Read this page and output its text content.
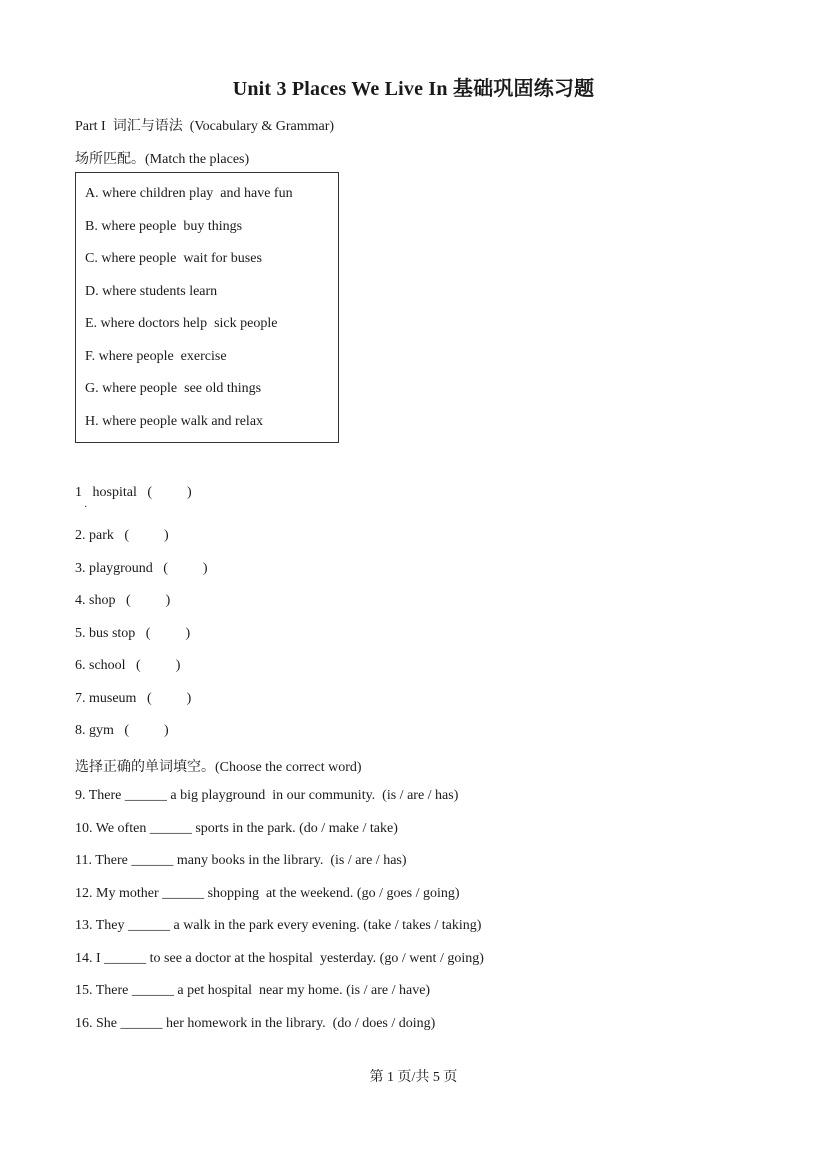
Unit 3 Places We Live In 基础巩固练习题
Part I  词汇与语法  (Vocabulary & Grammar)
场所匹配。(Match the places)
A. where children play  and have fun
B. where people  buy things
C. where people  wait for buses
D. where students learn
E. where doctors help  sick people
F. where people  exercise
G. where people  see old things
H. where people walk and relax
1   hospital   (          )
·
2. park   (          )
3. playground   (          )
4. shop   (          )
5. bus stop   (          )
6. school   (          )
7. museum   (          )
8. gym   (          )
选择正确的单词填空。(Choose the correct word)
9. There ______ a big playground  in our community.  (is / are / has)
10. We often ______ sports in the park. (do / make / take)
11. There ______ many books in the library.  (is / are / has)
12. My mother ______ shopping  at the weekend. (go / goes / going)
13. They ______ a walk in the park every evening. (take / takes / taking)
14. I ______ to see a doctor at the hospital  yesterday. (go / went / going)
15. There ______ a pet hospital  near my home. (is / are / have)
16. She ______ her homework in the library.  (do / does / doing)
第 1 页/共 5 页
